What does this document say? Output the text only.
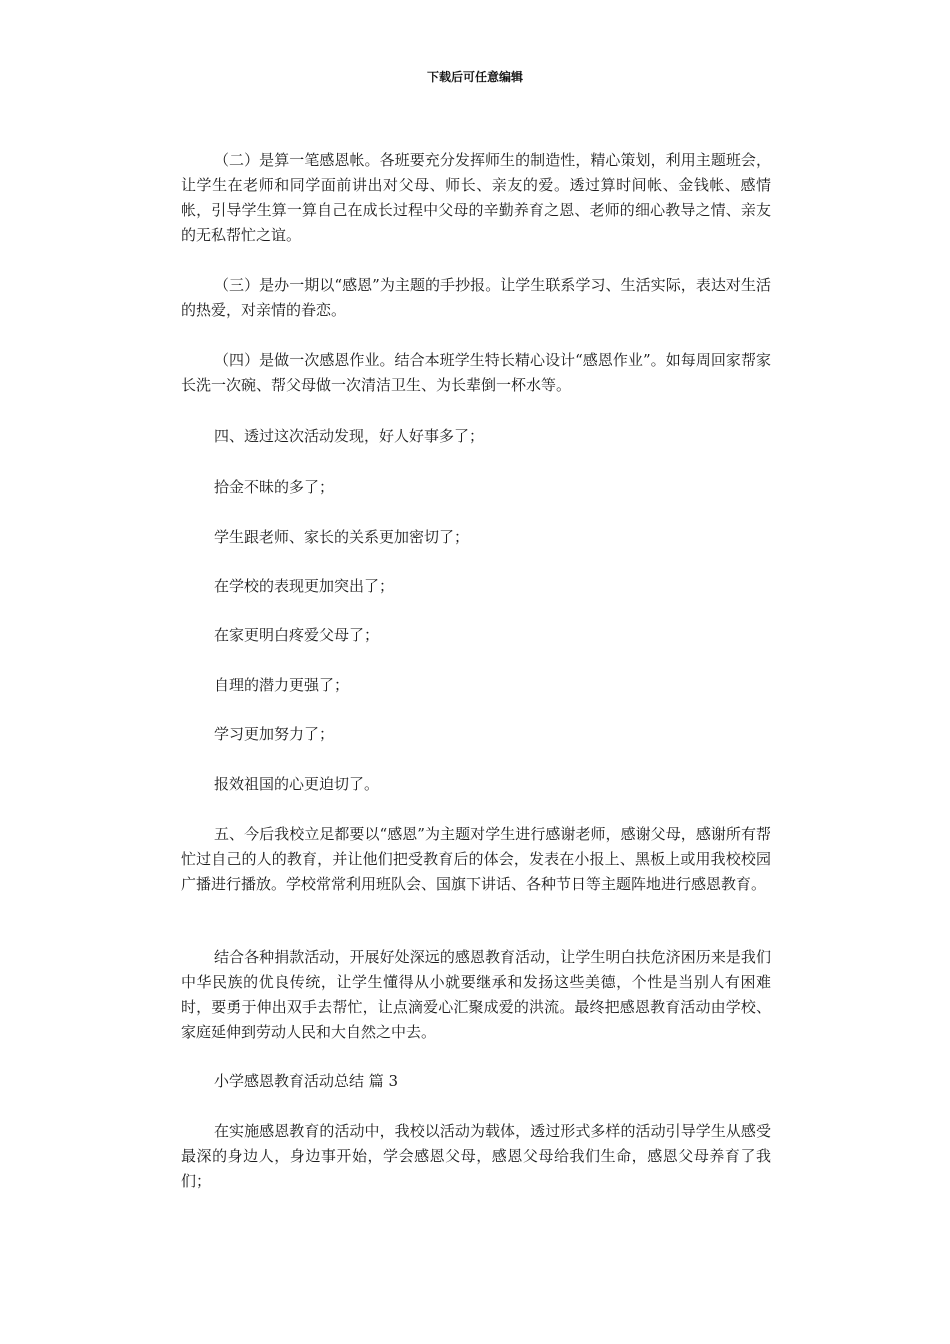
下载后可任意编辑

（二）是算一笔感恩帐。各班要充分发挥师生的制造性，精心策划，利用主题班会，让学生在老师和同学面前讲出对父母、师长、亲友的爱。透过算时间帐、金钱帐、感情帐，引导学生算一算自己在成长过程中父母的辛勤养育之恩、老师的细心教导之情、亲友的无私帮忙之谊。

（三）是办一期以“感恩”为主题的手抄报。让学生联系学习、生活实际，表达对生活的热爱，对亲情的眷恋。

（四）是做一次感恩作业。结合本班学生特长精心设计“感恩作业”。如每周回家帮家长洗一次碗、帮父母做一次清洁卫生、为长辈倒一杯水等。

四、透过这次活动发现，好人好事多了；

拾金不昧的多了；

学生跟老师、家长的关系更加密切了；

在学校的表现更加突出了；

在家更明白疼爱父母了；

自理的潜力更强了；

学习更加努力了；

报效祖国的心更迫切了。

五、今后我校立足都要以“感恩”为主题对学生进行感谢老师，感谢父母，感谢所有帮忙过自己的人的教育，并让他们把受教育后的体会，发表在小报上、黑板上或用我校校园广播进行播放。学校常常利用班队会、国旗下讲话、各种节日等主题阵地进行感恩教育。

结合各种捐款活动，开展好处深远的感恩教育活动，让学生明白扶危济困历来是我们中华民族的优良传统，让学生懂得从小就要继承和发扬这些美德，个性是当别人有困难时，要勇于伸出双手去帮忙，让点滴爱心汇聚成爱的洪流。最终把感恩教育活动由学校、家庭延伸到劳动人民和大自然之中去。

小学感恩教育活动总结 篇 3

在实施感恩教育的活动中，我校以活动为载体，透过形式多样的活动引导学生从感受最深的身边人，身边事开始，学会感恩父母，感恩父母给我们生命，感恩父母养育了我们；
